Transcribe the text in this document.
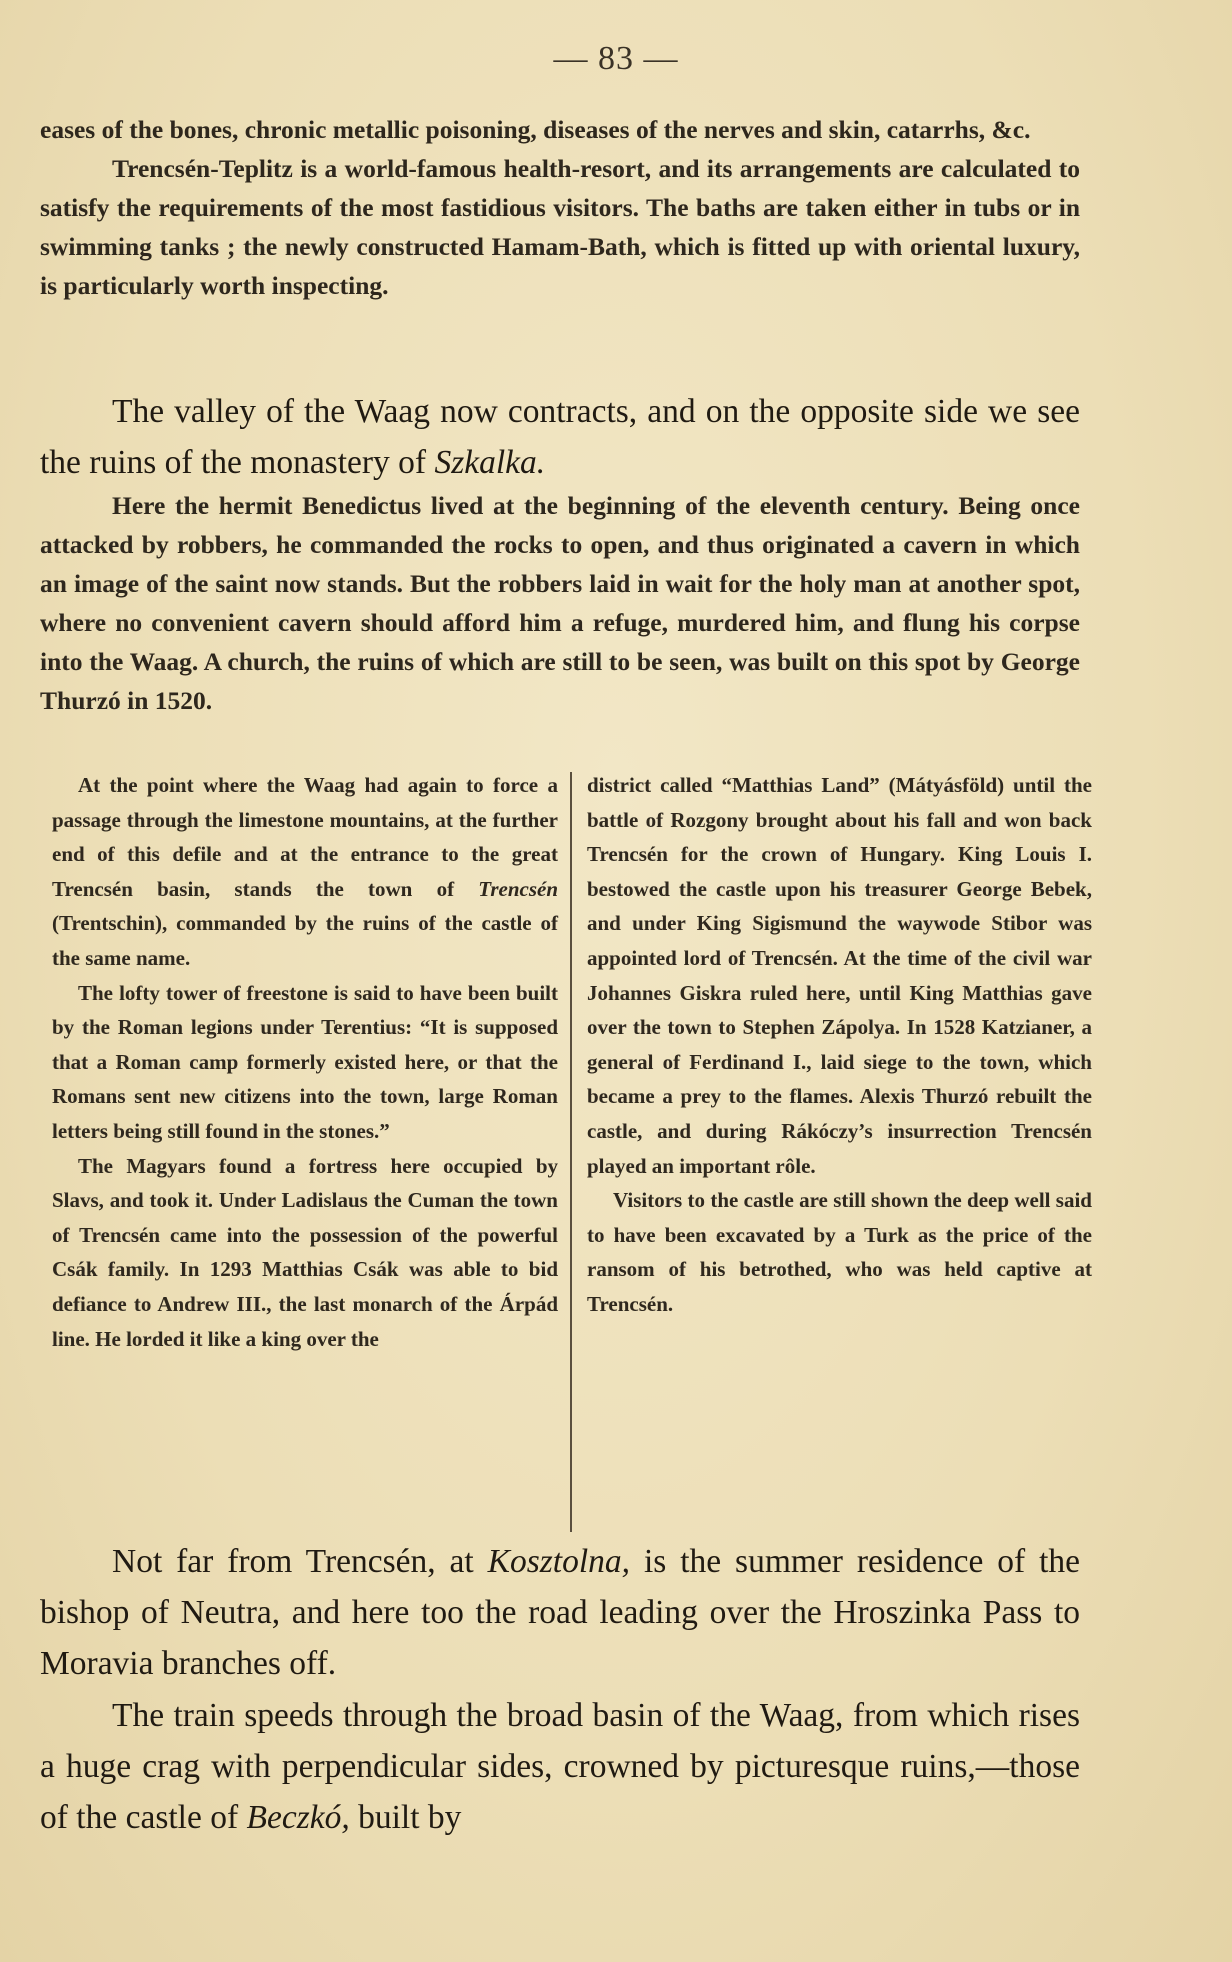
— 83 —

eases of the bones, chronic metallic poisoning, diseases of the nerves and skin, catarrhs, &c.

Trencsén-Teplitz is a world-famous health-resort, and its arrangements are calculated to satisfy the requirements of the most fastidious visitors. The baths are taken either in tubs or in swimming tanks ; the newly constructed Hamam-Bath, which is fitted up with oriental luxury, is particularly worth inspecting.

The valley of the Waag now contracts, and on the opposite side we see the ruins of the monastery of Szkalka.

Here the hermit Benedictus lived at the beginning of the eleventh century. Being once attacked by robbers, he commanded the rocks to open, and thus originated a cavern in which an image of the saint now stands. But the robbers laid in wait for the holy man at another spot, where no convenient cavern should afford him a refuge, murdered him, and flung his corpse into the Waag. A church, the ruins of which are still to be seen, was built on this spot by George Thurzó in 1520.

At the point where the Waag had again to force a passage through the limestone mountains, at the further end of this defile and at the entrance to the great Trencsén basin, stands the town of Trencsén (Trentschin), commanded by the ruins of the castle of the same name.

The lofty tower of freestone is said to have been built by the Roman legions under Terentius: “It is supposed that a Roman camp formerly existed here, or that the Romans sent new citizens into the town, large Roman letters being still found in the stones.”

The Magyars found a fortress here occupied by Slavs, and took it. Under Ladislaus the Cuman the town of Trencsén came into the possession of the powerful Csák family. In 1293 Matthias Csák was able to bid defiance to Andrew III., the last monarch of the Árpád line. He lorded it like a king over the

district called “Matthias Land” (Mátyásföld) until the battle of Rozgony brought about his fall and won back Trencsén for the crown of Hungary. King Louis I. bestowed the castle upon his treasurer George Bebek, and under King Sigismund the waywode Stibor was appointed lord of Trencsén. At the time of the civil war Johannes Giskra ruled here, until King Matthias gave over the town to Stephen Zápolya. In 1528 Katzianer, a general of Ferdinand I., laid siege to the town, which became a prey to the flames. Alexis Thurzó rebuilt the castle, and during Rákóczy’s insurrection Trencsén played an important rôle.

Visitors to the castle are still shown the deep well said to have been excavated by a Turk as the price of the ransom of his betrothed, who was held captive at Trencsén.

Not far from Trencsén, at Kosztolna, is the summer residence of the bishop of Neutra, and here too the road leading over the Hroszinka Pass to Moravia branches off.

The train speeds through the broad basin of the Waag, from which rises a huge crag with perpendicular sides, crowned by picturesque ruins,—those of the castle of Beczkó, built by
